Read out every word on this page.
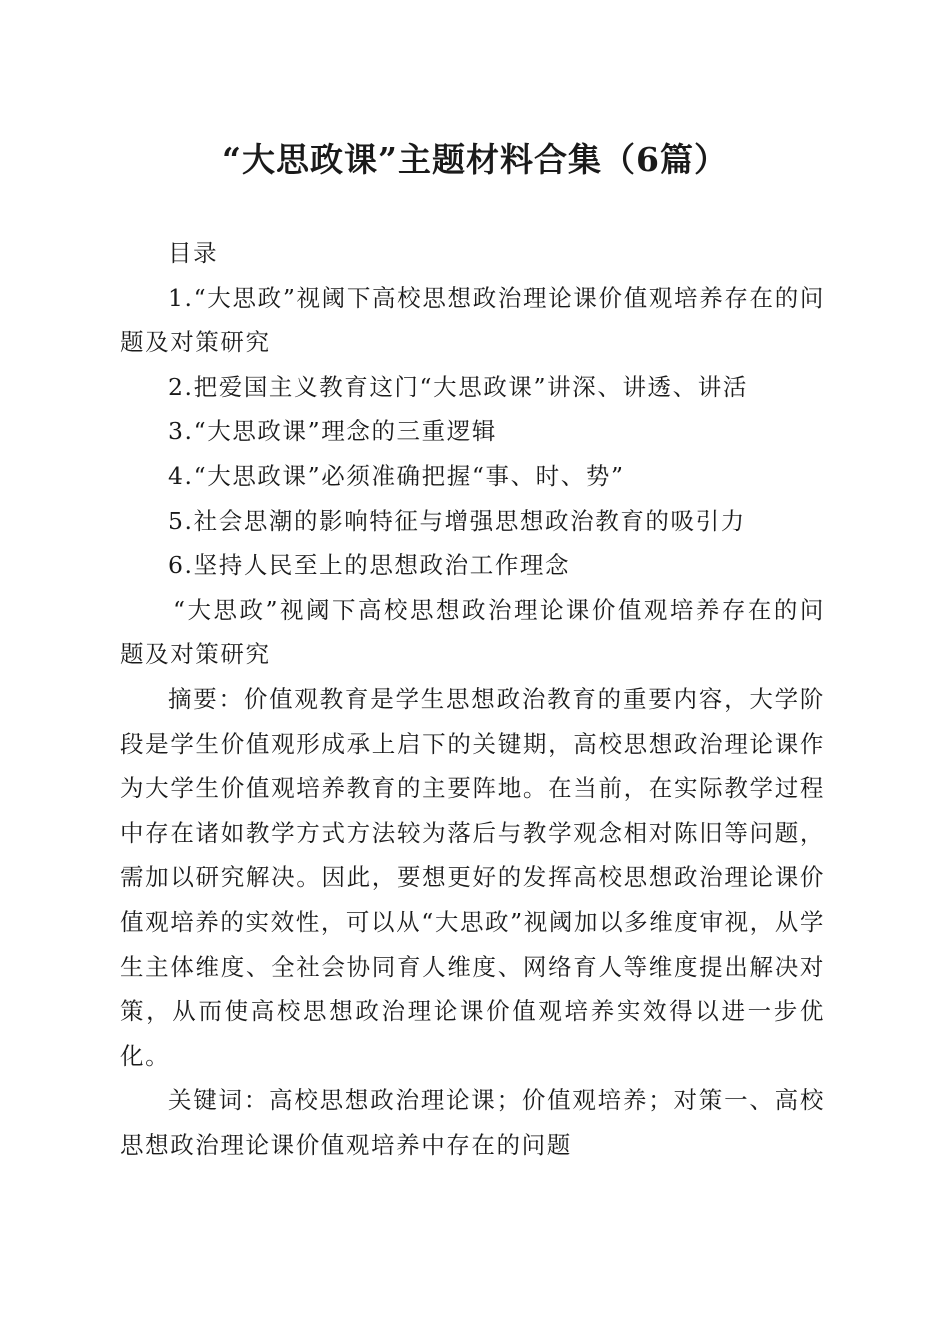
“大思政课”主题材料合集（6篇）

目录

1.“大思政”视阈下高校思想政治理论课价值观培养存在的问题及对策研究

2.把爱国主义教育这门“大思政课”讲深、讲透、讲活

3.“大思政课”理念的三重逻辑

4.“大思政课”必须准确把握“事、时、势”

5.社会思潮的影响特征与增强思想政治教育的吸引力

6.坚持人民至上的思想政治工作理念

“大思政”视阈下高校思想政治理论课价值观培养存在的问题及对策研究

摘要：价值观教育是学生思想政治教育的重要内容，大学阶段是学生价值观形成承上启下的关键期，高校思想政治理论课作为大学生价值观培养教育的主要阵地。在当前，在实际教学过程中存在诸如教学方式方法较为落后与教学观念相对陈旧等问题，需加以研究解决。因此，要想更好的发挥高校思想政治理论课价值观培养的实效性，可以从“大思政”视阈加以多维度审视，从学生主体维度、全社会协同育人维度、网络育人等维度提出解决对策，从而使高校思想政治理论课价值观培养实效得以进一步优化。

关键词：高校思想政治理论课；价值观培养；对策一、高校思想政治理论课价值观培养中存在的问题
